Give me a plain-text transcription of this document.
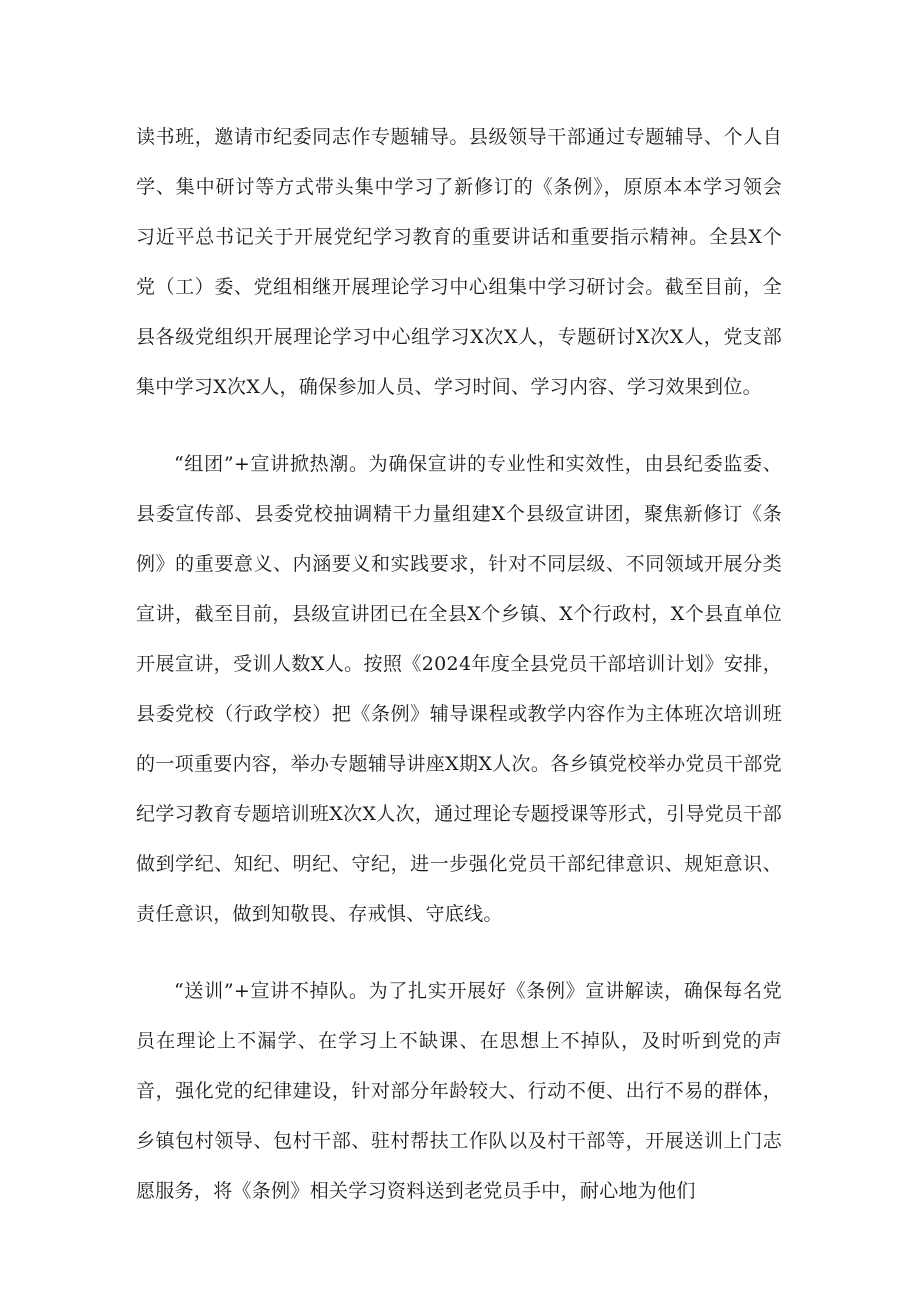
读书班，邀请市纪委同志作专题辅导。县级领导干部通过专题辅导、个人自学、集中研讨等方式带头集中学习了新修订的《条例》，原原本本学习领会习近平总书记关于开展党纪学习教育的重要讲话和重要指示精神。全县X个党（工）委、党组相继开展理论学习中心组集中学习研讨会。截至目前，全县各级党组织开展理论学习中心组学习X次X人，专题研讨X次X人，党支部集中学习X次X人，确保参加人员、学习时间、学习内容、学习效果到位。

“组团”+宣讲掀热潮。为确保宣讲的专业性和实效性，由县纪委监委、县委宣传部、县委党校抽调精干力量组建X个县级宣讲团，聚焦新修订《条例》的重要意义、内涵要义和实践要求，针对不同层级、不同领域开展分类宣讲，截至目前，县级宣讲团已在全县X个乡镇、X个行政村，X个县直单位开展宣讲，受训人数X人。按照《2024年度全县党员干部培训计划》安排，县委党校（行政学校）把《条例》辅导课程或教学内容作为主体班次培训班的一项重要内容，举办专题辅导讲座X期X人次。各乡镇党校举办党员干部党纪学习教育专题培训班X次X人次，通过理论专题授课等形式，引导党员干部做到学纪、知纪、明纪、守纪，进一步强化党员干部纪律意识、规矩意识、责任意识，做到知敬畏、存戒惧、守底线。

“送训”+宣讲不掉队。为了扎实开展好《条例》宣讲解读，确保每名党员在理论上不漏学、在学习上不缺课、在思想上不掉队，及时听到党的声音，强化党的纪律建设，针对部分年龄较大、行动不便、出行不易的群体，乡镇包村领导、包村干部、驻村帮扶工作队以及村干部等，开展送训上门志愿服务，将《条例》相关学习资料送到老党员手中，耐心地为他们
